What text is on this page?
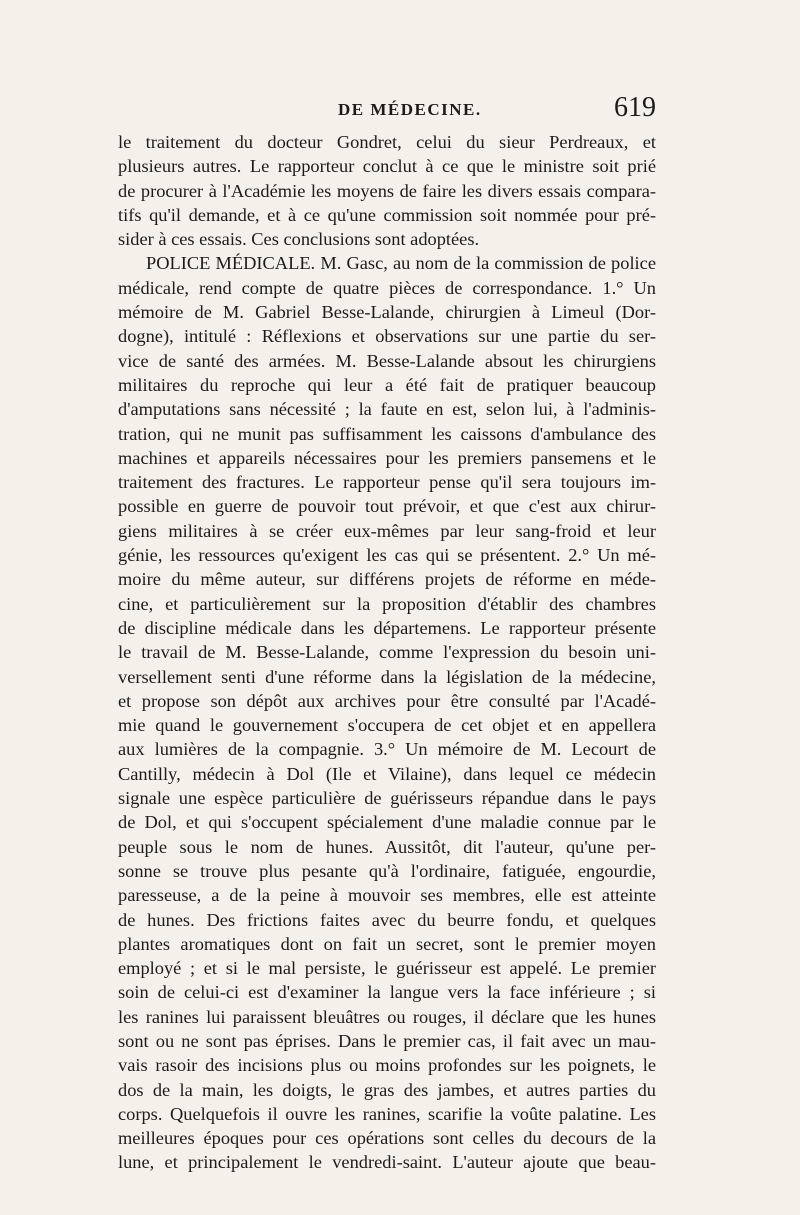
DE MÉDECINE.	619
le traitement du docteur Gondret, celui du sieur Perdreaux, et
plusieurs autres. Le rapporteur conclut à ce que le ministre soit prié
de procurer à l'Académie les moyens de faire les divers essais compara-
tifs qu'il demande, et à ce qu'une commission soit nommée pour pré-
sider à ces essais. Ces conclusions sont adoptées.
POLICE MÉDICALE. M. Gasc, au nom de la commission de police
médicale, rend compte de quatre pièces de correspondance. 1.° Un
mémoire de M. Gabriel Besse-Lalande, chirurgien à Limeul (Dor-
dogne), intitulé : Réflexions et observations sur une partie du ser-
vice de santé des armées. M. Besse-Lalande absout les chirurgiens
militaires du reproche qui leur a été fait de pratiquer beaucoup
d'amputations sans nécessité ; la faute en est, selon lui, à l'adminis-
tration, qui ne munit pas suffisamment les caissons d'ambulance des
machines et appareils nécessaires pour les premiers pansemens et le
traitement des fractures. Le rapporteur pense qu'il sera toujours im-
possible en guerre de pouvoir tout prévoir, et que c'est aux chirur-
giens militaires à se créer eux-mêmes par leur sang-froid et leur
génie, les ressources qu'exigent les cas qui se présentent. 2.° Un mé-
moire du même auteur, sur différens projets de réforme en méde-
cine, et particulièrement sur la proposition d'établir des chambres
de discipline médicale dans les départemens. Le rapporteur présente
le travail de M. Besse-Lalande, comme l'expression du besoin uni-
versellement senti d'une réforme dans la législation de la médecine,
et propose son dépôt aux archives pour être consulté par l'Acadé-
mie quand le gouvernement s'occupera de cet objet et en appellera
aux lumières de la compagnie. 3.° Un mémoire de M. Lecourt de
Cantilly, médecin à Dol (Ile et Vilaine), dans lequel ce médecin
signale une espèce particulière de guérisseurs répandue dans le pays
de Dol, et qui s'occupent spécialement d'une maladie connue par le
peuple sous le nom de hunes. Aussitôt, dit l'auteur, qu'une per-
sonne se trouve plus pesante qu'à l'ordinaire, fatiguée, engourdie,
paresseuse, a de la peine à mouvoir ses membres, elle est atteinte
de hunes. Des frictions faites avec du beurre fondu, et quelques
plantes aromatiques dont on fait un secret, sont le premier moyen
employé ; et si le mal persiste, le guérisseur est appelé. Le premier
soin de celui-ci est d'examiner la langue vers la face inférieure ; si
les ranines lui paraissent bleuâtres ou rouges, il déclare que les hunes
sont ou ne sont pas éprises. Dans le premier cas, il fait avec un mau-
vais rasoir des incisions plus ou moins profondes sur les poignets, le
dos de la main, les doigts, le gras des jambes, et autres parties du
corps. Quelquefois il ouvre les ranines, scarifie la voûte palatine. Les
meilleures époques pour ces opérations sont celles du decours de la
lune, et principalement le vendredi-saint. L'auteur ajoute que beau-
